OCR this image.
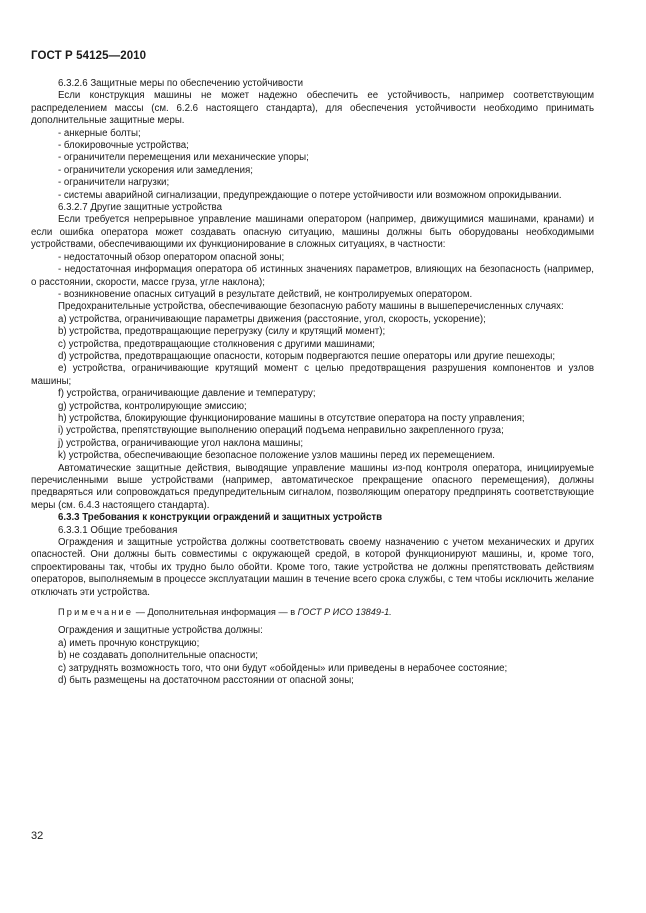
ГОСТ Р 54125—2010

6.3.2.6 Защитные меры по обеспечению устойчивости

Если конструкция машины не может надежно обеспечить ее устойчивость, например соответствующим распределением массы (см. 6.2.6 настоящего стандарта), для обеспечения устойчивости необходимо принимать дополнительные защитные меры.

- анкерные болты;

- блокировочные устройства;

- ограничители перемещения или механические упоры;

- ограничители ускорения или замедления;

- ограничители нагрузки;

- системы аварийной сигнализации, предупреждающие о потере устойчивости или возможном опрокидывании.

6.3.2.7 Другие защитные устройства

Если требуется непрерывное управление машинами оператором (например, движущимися машинами, кранами) и если ошибка оператора может создавать опасную ситуацию, машины должны быть оборудованы необходимыми устройствами, обеспечивающими их функционирование в сложных ситуациях, в частности:

- недостаточный обзор оператором опасной зоны;

- недостаточная информация оператора об истинных значениях параметров, влияющих на безопасность (например, о расстоянии, скорости, массе груза, угле наклона);

- возникновение опасных ситуаций в результате действий, не контролируемых оператором.

Предохранительные устройства, обеспечивающие безопасную работу машины в вышеперечисленных случаях:

a) устройства, ограничивающие параметры движения (расстояние, угол, скорость, ускорение);

b) устройства, предотвращающие перегрузку (силу и крутящий момент);

c) устройства, предотвращающие столкновения с другими машинами;

d) устройства, предотвращающие опасности, которым подвергаются пешие операторы или другие пешеходы;

e) устройства, ограничивающие крутящий момент с целью предотвращения разрушения компонентов и узлов машины;

f) устройства, ограничивающие давление и температуру;

g) устройства, контролирующие эмиссию;

h) устройства, блокирующие функционирование машины в отсутствие оператора на посту управления;

i) устройства, препятствующие выполнению операций подъема неправильно закрепленного груза;

j) устройства, ограничивающие угол наклона машины;

k) устройства, обеспечивающие безопасное положение узлов машины перед их перемещением.

Автоматические защитные действия, выводящие управление машины из-под контроля оператора, инициируемые перечисленными выше устройствами (например, автоматическое прекращение опасного перемещения), должны предваряться или сопровождаться предупредительным сигналом, позволяющим оператору предпринять соответствующие меры (см. 6.4.3 настоящего стандарта).

6.3.3 Требования к конструкции ограждений и защитных устройств

6.3.3.1 Общие требования

Ограждения и защитные устройства должны соответствовать своему назначению с учетом механических и других опасностей. Они должны быть совместимы с окружающей средой, в которой функционируют машины, и, кроме того, спроектированы так, чтобы их трудно было обойти. Кроме того, такие устройства не должны препятствовать действиям операторов, выполняемым в процессе эксплуатации машин в течение всего срока службы, с тем чтобы исключить желание отключать эти устройства.

Примечание — Дополнительная информация — в ГОСТ Р ИСО 13849-1.

Ограждения и защитные устройства должны:

a) иметь прочную конструкцию;

b) не создавать дополнительные опасности;

c) затруднять возможность того, что они будут «обойдены» или приведены в нерабочее состояние;

d) быть размещены на достаточном расстоянии от опасной зоны;

32
